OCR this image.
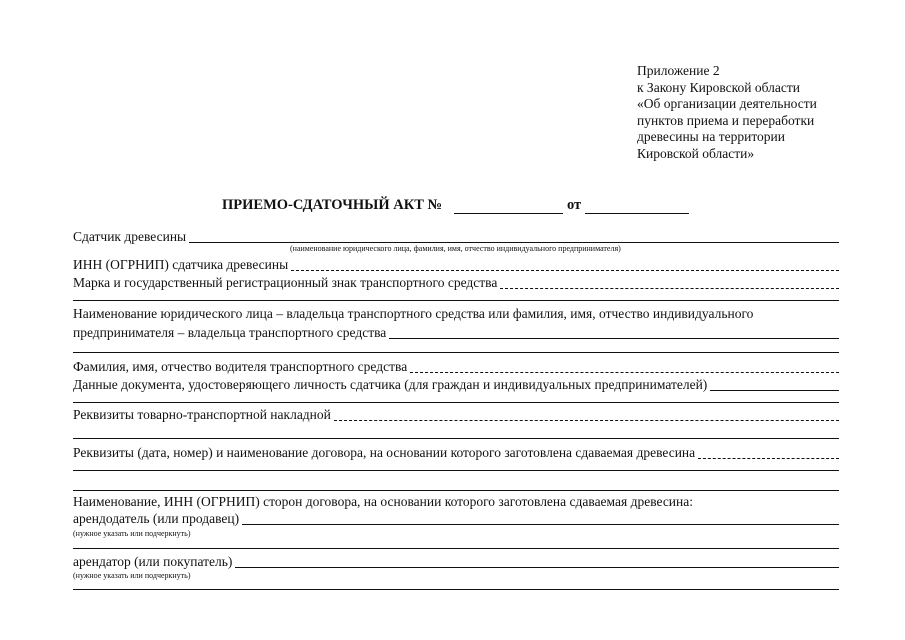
Приложение 2
к Закону Кировской области
«Об организации деятельности
пунктов приема и переработки
древесины на территории
Кировской области»
ПРИЕМО-СДАТОЧНЫЙ АКТ №	от
Сдатчик древесины
(наименование юридического лица, фамилия, имя, отчество индивидуального предпринимателя)
ИНН (ОГРНИП) сдатчика древесины
Марка и государственный регистрационный знак транспортного средства
Наименование юридического лица – владельца транспортного средства или фамилия, имя, отчество индивидуального
предпринимателя – владельца транспортного средства
Фамилия, имя, отчество водителя транспортного средства
Данные документа, удостоверяющего личность сдатчика (для граждан и индивидуальных предпринимателей)
Реквизиты товарно-транспортной накладной
Реквизиты (дата, номер) и наименование договора, на основании которого заготовлена сдаваемая древесина
Наименование, ИНН (ОГРНИП) сторон договора, на основании которого заготовлена сдаваемая древесина:
арендодатель (или продавец)
(нужное указать или подчеркнуть)
арендатор (или покупатель)
(нужное указать или подчеркнуть)
